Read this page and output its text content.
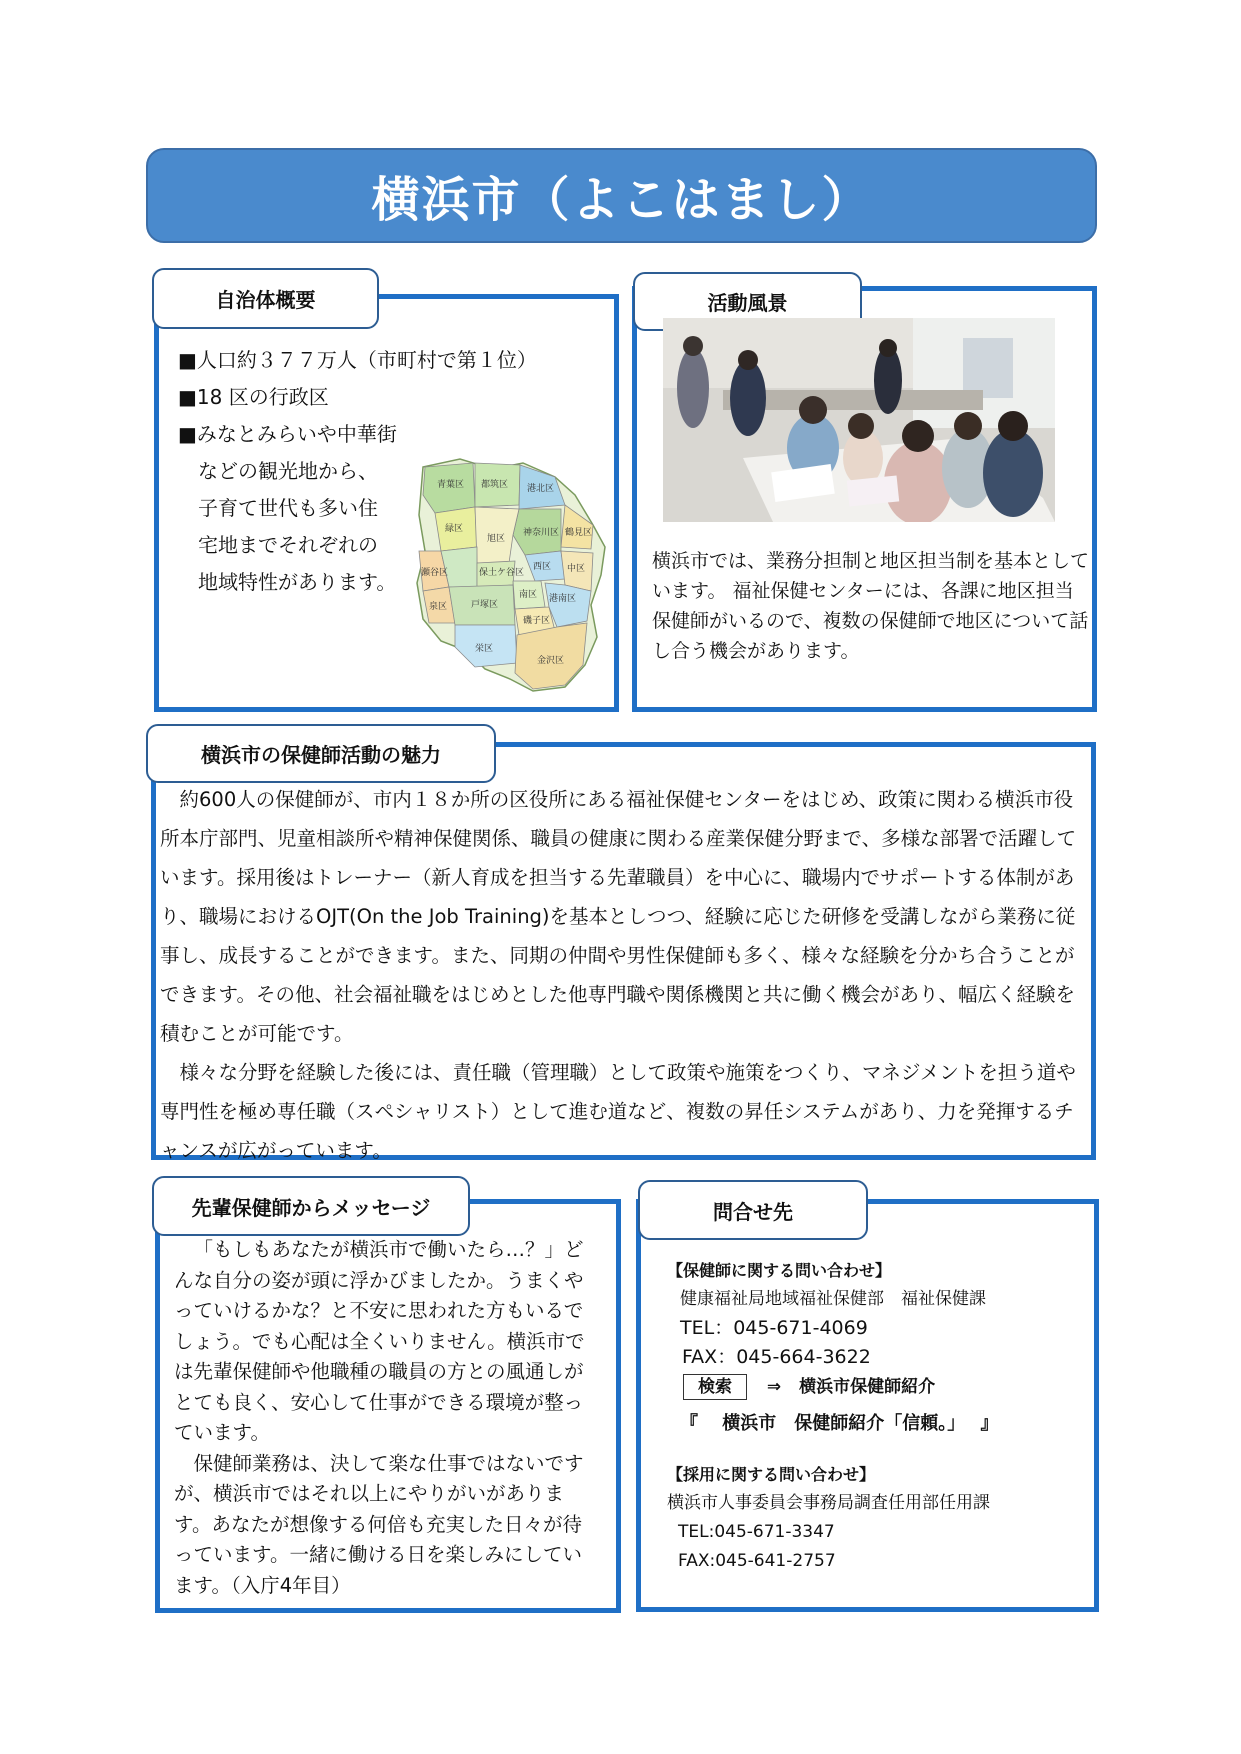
横浜市（よこはまし）
自治体概要
■人口約３７７万人（市町村で第１位）
■18 区の行政区
■みなとみらいや中華街
などの観光地から、
子育て世代も多い住
宅地までそれぞれの
地域特性があります。
青葉区 都筑区 港北区
鶴見区
神奈川区
緑区
旭区
瀬谷区	保土ケ谷区
西区 中区
南区
泉区	戸塚区
港南区
磯子区
栄区
金沢区
活動風景
横浜市では、業務分担制と地区担当制を基本としています。 福祉保健センターには、各課に地区担当保健師がいるので、複数の保健師で地区について話し合う機会があります。
横浜市の保健師活動の魅力

約600人の保健師が、市内１８か所の区役所にある福祉保健センターをはじめ、政策に関わる横浜市役所本庁部門、児童相談所や精神保健関係、職員の健康に関わる産業保健分野まで、多様な部署で活躍しています。採用後はトレーナー（新人育成を担当する先輩職員）を中心に、職場内でサポートする体制があり、職場におけるOJT(On the Job Training)を基本としつつ、経験に応じた研修を受講しながら業務に従事し、成長することができます。また、同期の仲間や男性保健師も多く、様々な経験を分かち合うことができます。その他、社会福祉職をはじめとした他専門職や関係機関と共に働く機会があり、幅広く経験を積むことが可能です。

様々な分野を経験した後には、責任職（管理職）として政策や施策をつくり、マネジメントを担う道や専門性を極め専任職（スペシャリスト）として進む道など、複数の昇任システムがあり、力を発揮するチャンスが広がっています。

先輩保健師からメッセージ

「もしもあなたが横浜市で働いたら…？」どんな自分の姿が頭に浮かびましたか。うまくやっていけるかな？と不安に思われた方もいるでしょう。でも心配は全くいりません。横浜市では先輩保健師や他職種の職員の方との風通しがとても良く、安心して仕事ができる環境が整っています。

保健師業務は、決して楽な仕事ではないですが、横浜市ではそれ以上にやりがいがあります。あなたが想像する何倍も充実した日々が待っています。一緒に働ける日を楽しみにしています。（入庁4年目）

問合せ先
【保健師に関する問い合わせ】
健康福祉局地域福祉保健部　福祉保健課
TEL：045-671-4069
FAX：045-664-3622
検索 ⇒ 横浜市保健師紹介
『　 横浜市　保健師紹介「信頼。」　 』
【採用に関する問い合わせ】
横浜市人事委員会事務局調査任用部任用課
TEL:045-671-3347
FAX:045-641-2757
